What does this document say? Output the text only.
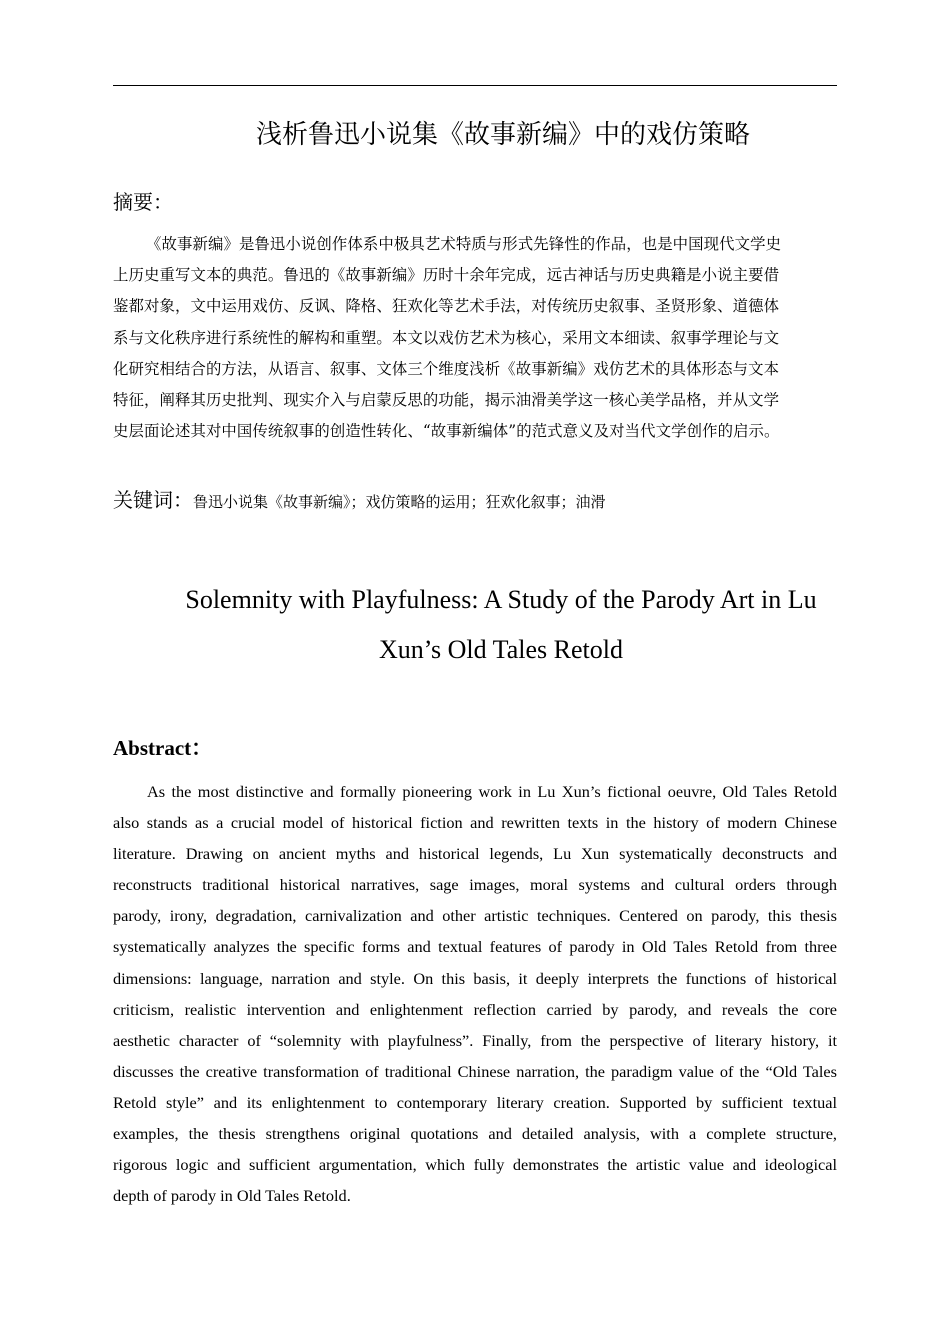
浅析鲁迅小说集《故事新编》中的戏仿策略
摘要：
《故事新编》是鲁迅小说创作体系中极具艺术特质与形式先锋性的作品，也是中国现代文学史
上历史重写文本的典范。鲁迅的《故事新编》历时十余年完成，远古神话与历史典籍是小说主要借
鉴都对象，文中运用戏仿、反讽、降格、狂欢化等艺术手法，对传统历史叙事、圣贤形象、道德体
系与文化秩序进行系统性的解构和重塑。本文以戏仿艺术为核心，采用文本细读、叙事学理论与文
化研究相结合的方法，从语言、叙事、文体三个维度浅析《故事新编》戏仿艺术的具体形态与文本
特征，阐释其历史批判、现实介入与启蒙反思的功能，揭示油滑美学这一核心美学品格，并从文学
史层面论述其对中国传统叙事的创造性转化、“故事新编体”的范式意义及对当代文学创作的启示。
关键词：鲁迅小说集《故事新编》；戏仿策略的运用；狂欢化叙事；油滑
Solemnity with Playfulness: A Study of the Parody Art in Lu
Xun’s Old Tales Retold
Abstract：
As the most distinctive and formally pioneering work in Lu Xun’s fictional oeuvre, Old Tales Retold
also stands as a crucial model of historical fiction and rewritten texts in the history of modern Chinese
literature. Drawing on ancient myths and historical legends, Lu Xun systematically deconstructs and
reconstructs traditional historical narratives, sage images, moral systems and cultural orders through
parody, irony, degradation, carnivalization and other artistic techniques. Centered on parody, this thesis
systematically analyzes the specific forms and textual features of parody in Old Tales Retold from three
dimensions: language, narration and style. On this basis, it deeply interprets the functions of historical
criticism, realistic intervention and enlightenment reflection carried by parody, and reveals the core
aesthetic character of “solemnity with playfulness”. Finally, from the perspective of literary history, it
discusses the creative transformation of traditional Chinese narration, the paradigm value of the “Old Tales
Retold style” and its enlightenment to contemporary literary creation. Supported by sufficient textual
examples, the thesis strengthens original quotations and detailed analysis, with a complete structure,
rigorous logic and sufficient argumentation, which fully demonstrates the artistic value and ideological
depth of parody in Old Tales Retold.
